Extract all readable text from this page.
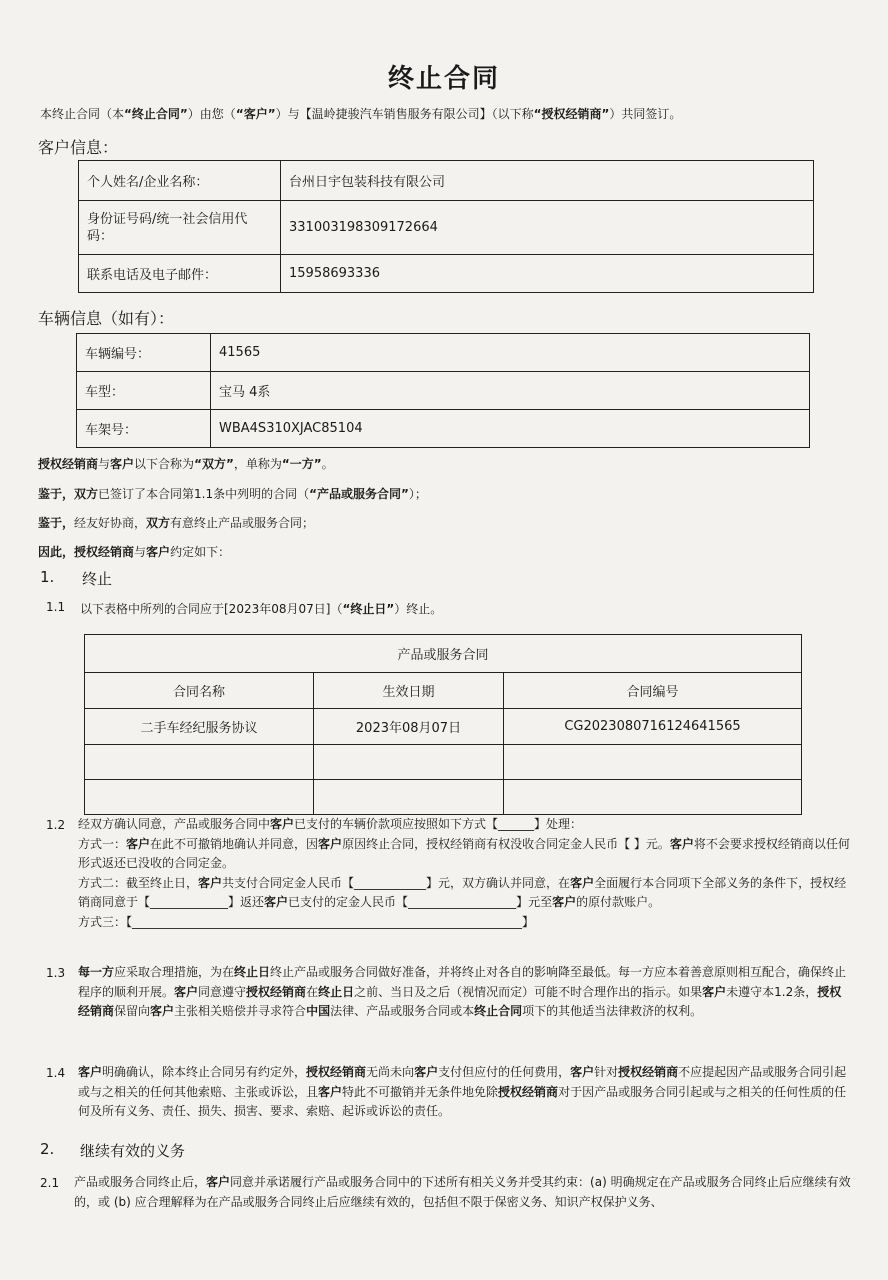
终止合同
本终止合同（本“终止合同”）由您（“客户”）与【温岭捷骏汽车销售服务有限公司】（以下称“授权经销商”）共同签订。
客户信息：
个人姓名/企业名称：	台州日宇包装科技有限公司
身份证号码/统一社会信用代码：	331003198309172664
联系电话及电子邮件：	15958693336
车辆信息（如有）：
车辆编号：	41565
车型：	宝马 4系
车架号：	WBA4S310XJAC85104
授权经销商与客户以下合称为“双方”，单称为“一方”。
鉴于，双方已签订了本合同第1.1条中列明的合同（“产品或服务合同”）；
鉴于，经友好协商，双方有意终止产品或服务合同；
因此，授权经销商与客户约定如下：
1. 终止
1.1 以下表格中所列的合同应于[2023年08月07日]（“终止日”）终止。
产品或服务合同		
合同名称	生效日期	合同编号
二手车经纪服务协议	2023年08月07日	CG2023080716124641565

1.2 经双方确认同意，产品或服务合同中客户已支付的车辆价款项应按照如下方式【______】处理：
方式一：客户在此不可撤销地确认并同意，因客户原因终止合同，授权经销商有权没收合同定金人民币【 】元。客户将不会要求授权经销商以任何形式返还已没收的合同定金。
方式二：截至终止日，客户共支付合同定金人民币【____________】元，双方确认并同意，在客户全面履行本合同项下全部义务的条件下，授权经销商同意于【_____________】返还客户已支付的定金人民币【__________________】元至客户的原付款账户。
方式三：【_________________________________________________________________】
1.3 每一方应采取合理措施，为在终止日终止产品或服务合同做好准备，并将终止对各自的影响降至最低。每一方应本着善意原则相互配合，确保终止程序的顺利开展。客户同意遵守授权经销商在终止日之前、当日及之后（视情况而定）可能不时合理作出的指示。如果客户未遵守本1.2条，授权经销商保留向客户主张相关赔偿并寻求符合中国法律、产品或服务合同或本终止合同项下的其他适当法律救济的权利。
1.4 客户明确确认，除本终止合同另有约定外，授权经销商无尚未向客户支付但应付的任何费用，客户针对授权经销商不应提起因产品或服务合同引起或与之相关的任何其他索赔、主张或诉讼，且客户特此不可撤销并无条件地免除授权经销商对于因产品或服务合同引起或与之相关的任何性质的任何及所有义务、责任、损失、损害、要求、索赔、起诉或诉讼的责任。
2. 继续有效的义务
2.1 产品或服务合同终止后，客户同意并承诺履行产品或服务合同中的下述所有相关义务并受其约束：(a) 明确规定在产品或服务合同终止后应继续有效的，或 (b) 应合理解释为在产品或服务合同终止后应继续有效的，包括但不限于保密义务、知识产权保护义务、
